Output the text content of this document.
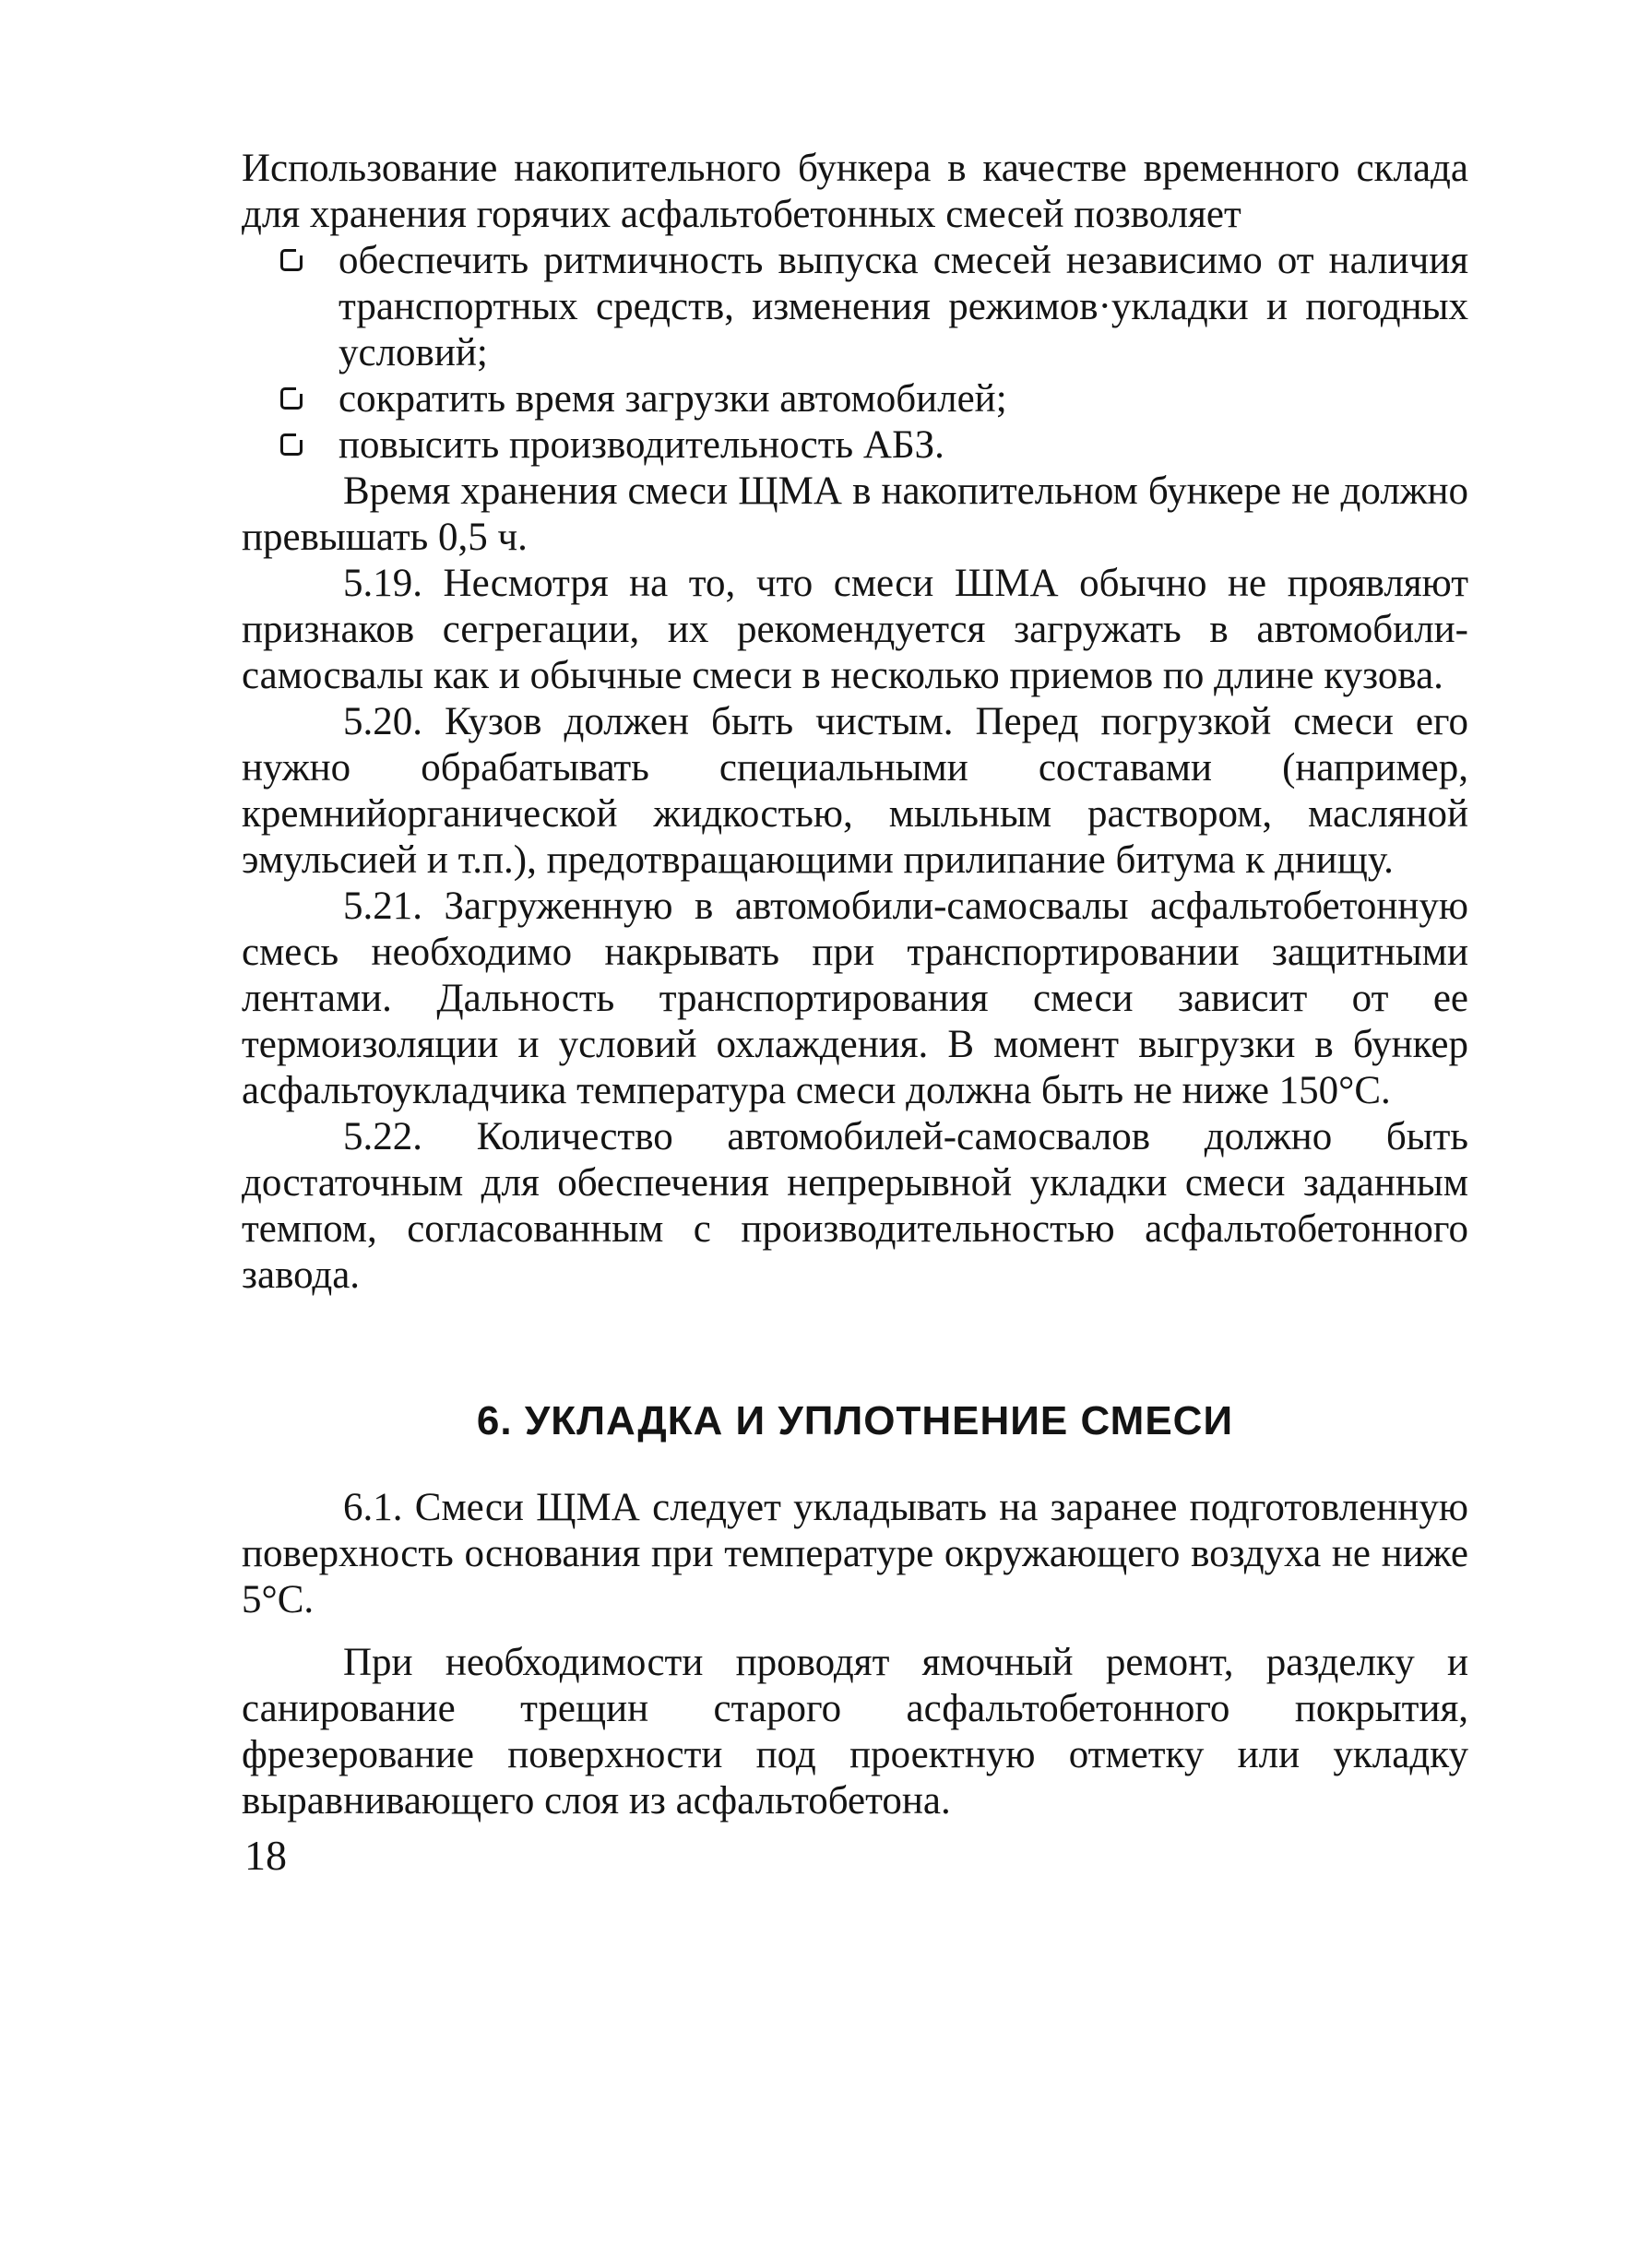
Использование накопительного бункера в качестве временного склада для хранения горячих асфальтобетонных смесей позволяет

обеспечить ритмичность выпуска смесей независимо от наличия транспортных средств, изменения режимов·укладки и погодных условий;
сократить время загрузки автомобилей;
повысить производительность АБЗ.

Время хранения смеси ЩМА в накопительном бункере не должно превышать 0,5 ч.

5.19. Несмотря на то, что смеси ШМА обычно не проявляют признаков сегрегации, их рекомендуется загружать в автомобили-самосвалы как и обычные смеси в несколько приемов по длине кузова.

5.20. Кузов должен быть чистым. Перед погрузкой смеси его нужно обрабатывать специальными составами (например, кремнийорганической жидкостью, мыльным раствором, масляной эмульсией и т.п.), предотвращающими прилипание битума к днищу.

5.21. Загруженную в автомобили-самосвалы асфальтобетонную смесь необходимо накрывать при транспортировании защитными лентами. Дальность транспортирования смеси зависит от ее термоизоляции и условий охлаждения. В момент выгрузки в бункер асфальтоукладчика температура смеси должна быть не ниже 150°С.

5.22. Количество автомобилей-самосвалов должно быть достаточным для обеспечения непрерывной укладки смеси заданным темпом, согласованным с производительностью асфальтобетонного завода.

6. УКЛАДКА И УПЛОТНЕНИЕ СМЕСИ

6.1. Смеси ЩМА следует укладывать на заранее подготовленную поверхность основания при температуре окружающего воздуха не ниже 5°С.

При необходимости проводят ямочный ремонт, разделку и санирование трещин старого асфальтобетонного покрытия, фрезерование поверхности под проектную отметку или укладку выравнивающего слоя из асфальтобетона.

18
